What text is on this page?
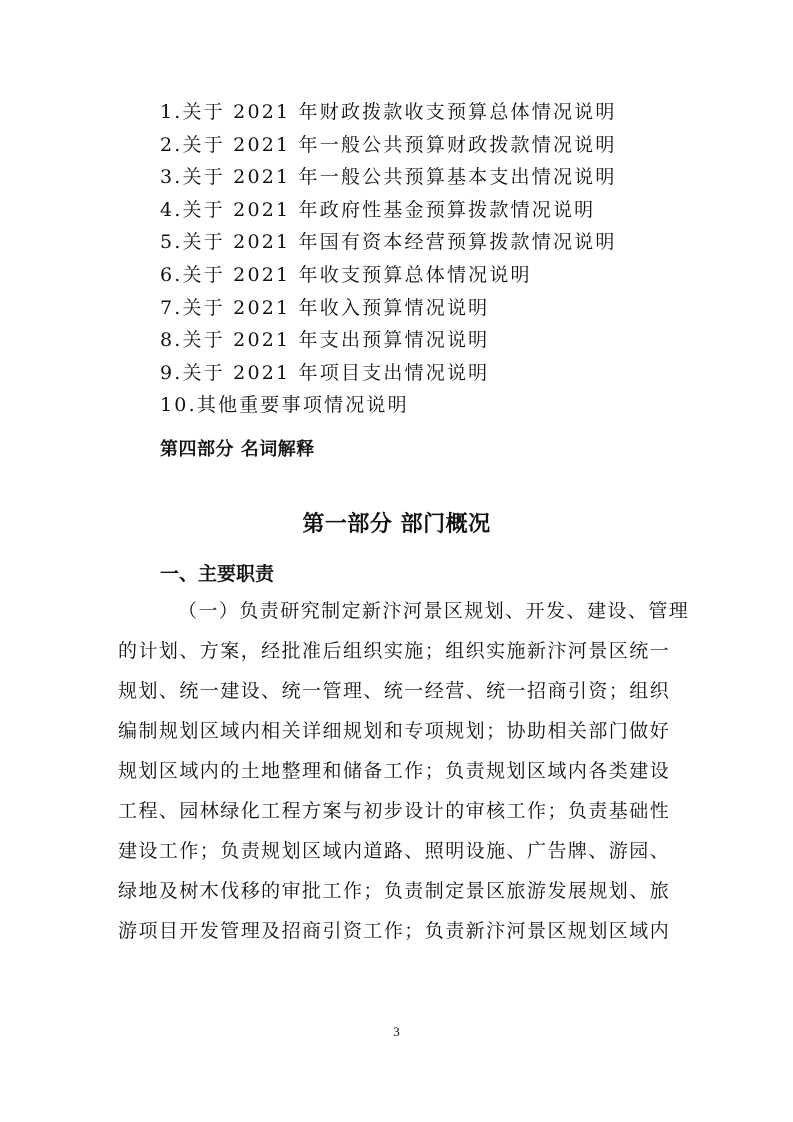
1.关于 2021 年财政拨款收支预算总体情况说明
2.关于 2021 年一般公共预算财政拨款情况说明
3.关于 2021 年一般公共预算基本支出情况说明
4.关于 2021 年政府性基金预算拨款情况说明
5.关于 2021 年国有资本经营预算拨款情况说明
6.关于 2021 年收支预算总体情况说明
7.关于 2021 年收入预算情况说明
8.关于 2021 年支出预算情况说明
9.关于 2021 年项目支出情况说明
10.其他重要事项情况说明
第四部分 名词解释
第一部分 部门概况
一、主要职责
（一）负责研究制定新汴河景区规划、开发、建设、管理
的计划、方案，经批准后组织实施；组织实施新汴河景区统一
规划、统一建设、统一管理、统一经营、统一招商引资；组织
编制规划区域内相关详细规划和专项规划；协助相关部门做好
规划区域内的土地整理和储备工作；负责规划区域内各类建设
工程、园林绿化工程方案与初步设计的审核工作；负责基础性
建设工作；负责规划区域内道路、照明设施、广告牌、游园、
绿地及树木伐移的审批工作；负责制定景区旅游发展规划、旅
游项目开发管理及招商引资工作；负责新汴河景区规划区域内
3
